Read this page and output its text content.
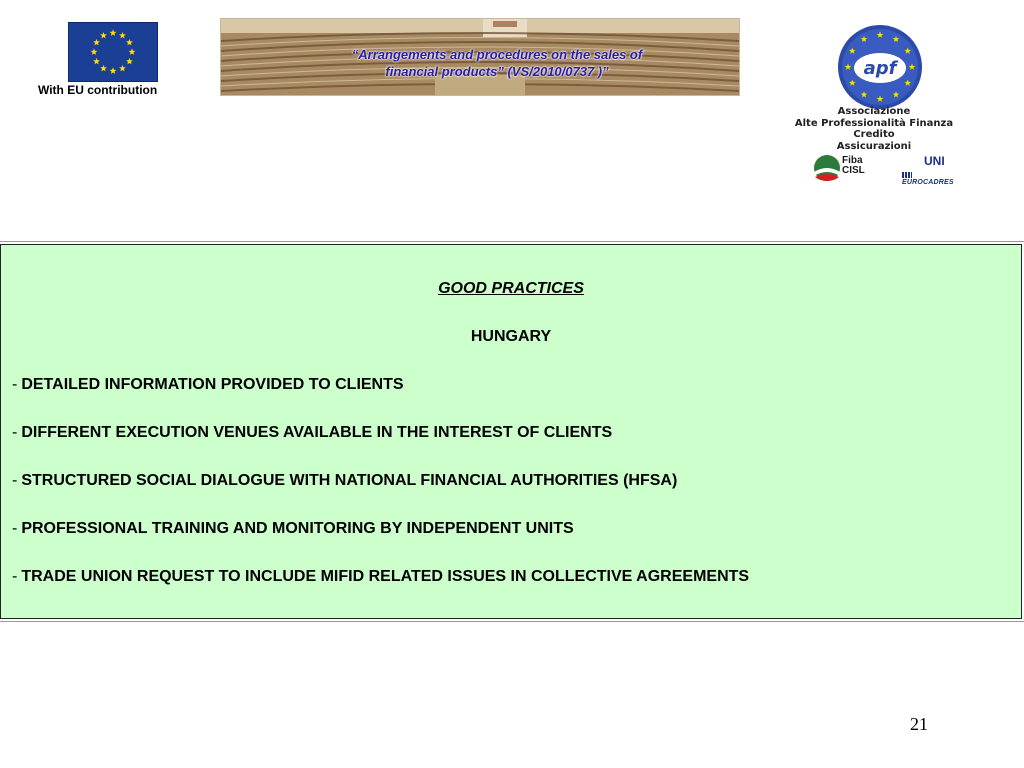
With EU contribution
“Arrangements and procedures on the sales of
financial products” (VS/2010/0737 )”	apf
Associazione
Alte Professionalità Finanza
Credito
Assicurazioni
Fiba
CISL
UNI
EUROCADRES
GOOD PRACTICES
HUNGARY
- DETAILED INFORMATION PROVIDED TO CLIENTS
- DIFFERENT EXECUTION VENUES AVAILABLE IN THE INTEREST OF CLIENTS
- STRUCTURED SOCIAL DIALOGUE WITH NATIONAL FINANCIAL AUTHORITIES (HFSA)
- PROFESSIONAL TRAINING AND MONITORING BY INDEPENDENT UNITS
- TRADE UNION REQUEST TO INCLUDE MIFID RELATED ISSUES IN COLLECTIVE AGREEMENTS
21
